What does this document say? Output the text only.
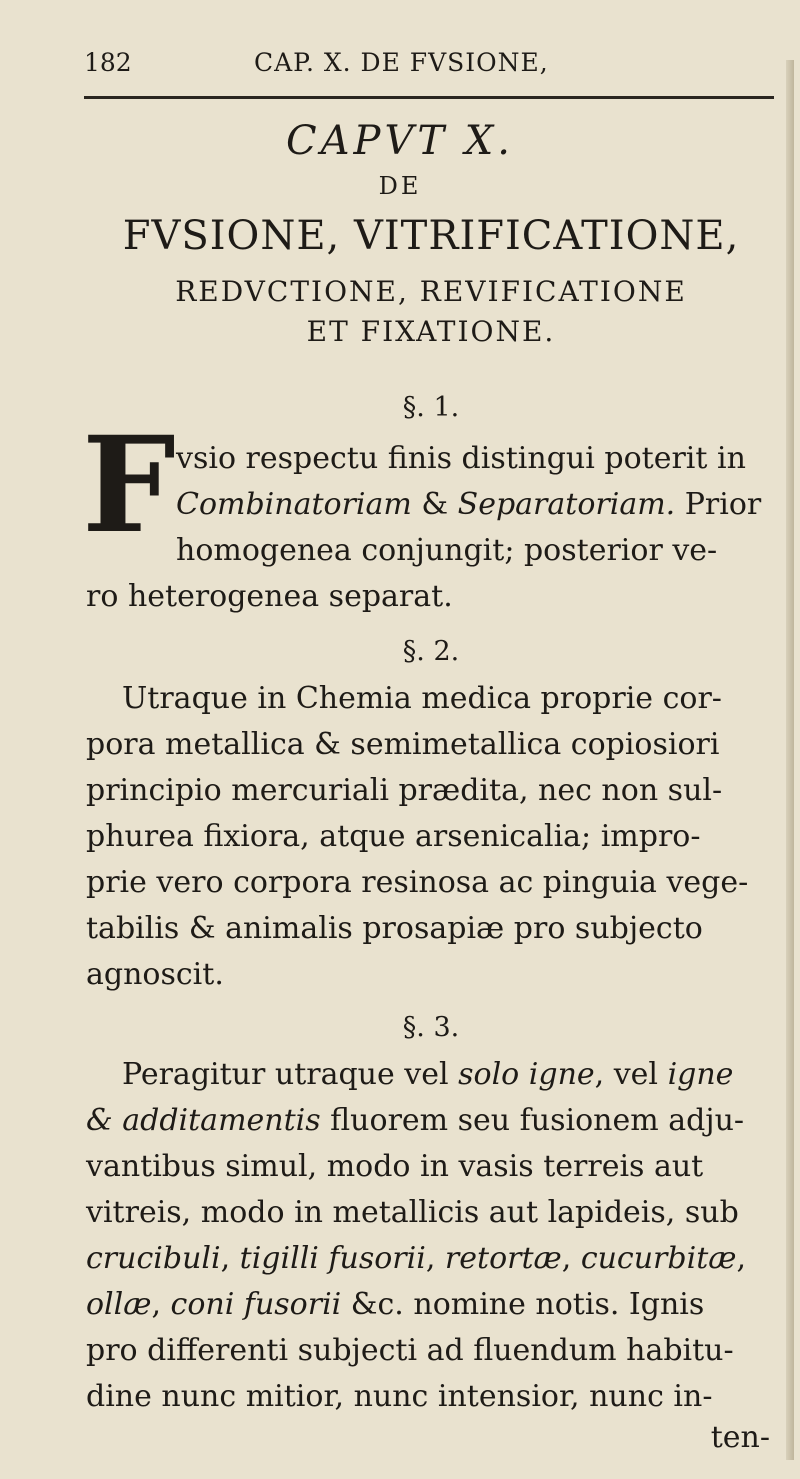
182	CAP. X. DE FVSIONE,
CAPVT X.
DE
FVSIONE, VITRIFICATIONE,
REDVCTIONE, REVIFICATIONE
ET FIXATIONE.
§. 1.
F vsio respectu finis distingui poterit in
Combinatoriam & Separatoriam. Prior
homogenea conjungit; posterior ve-
ro heterogenea separat.
§. 2.
Utraque in Chemia medica proprie cor-
pora metallica & semimetallica copiosiori
principio mercuriali prædita, nec non sul-
phurea fixiora, atque arsenicalia; impro-
prie vero corpora resinosa ac pinguia vege-
tabilis & animalis prosapiæ pro subjecto
agnoscit.
§. 3.
Peragitur utraque vel solo igne, vel igne
& additamentis fluorem seu fusionem adju-
vantibus simul, modo in vasis terreis aut
vitreis, modo in metallicis aut lapideis, sub
crucibuli, tigilli fusorii, retortæ, cucurbitæ,
ollæ, coni fusorii &c. nomine notis. Ignis
pro differenti subjecti ad fluendum habitu-
dine nunc mitior, nunc intensior, nunc in-
ten-
